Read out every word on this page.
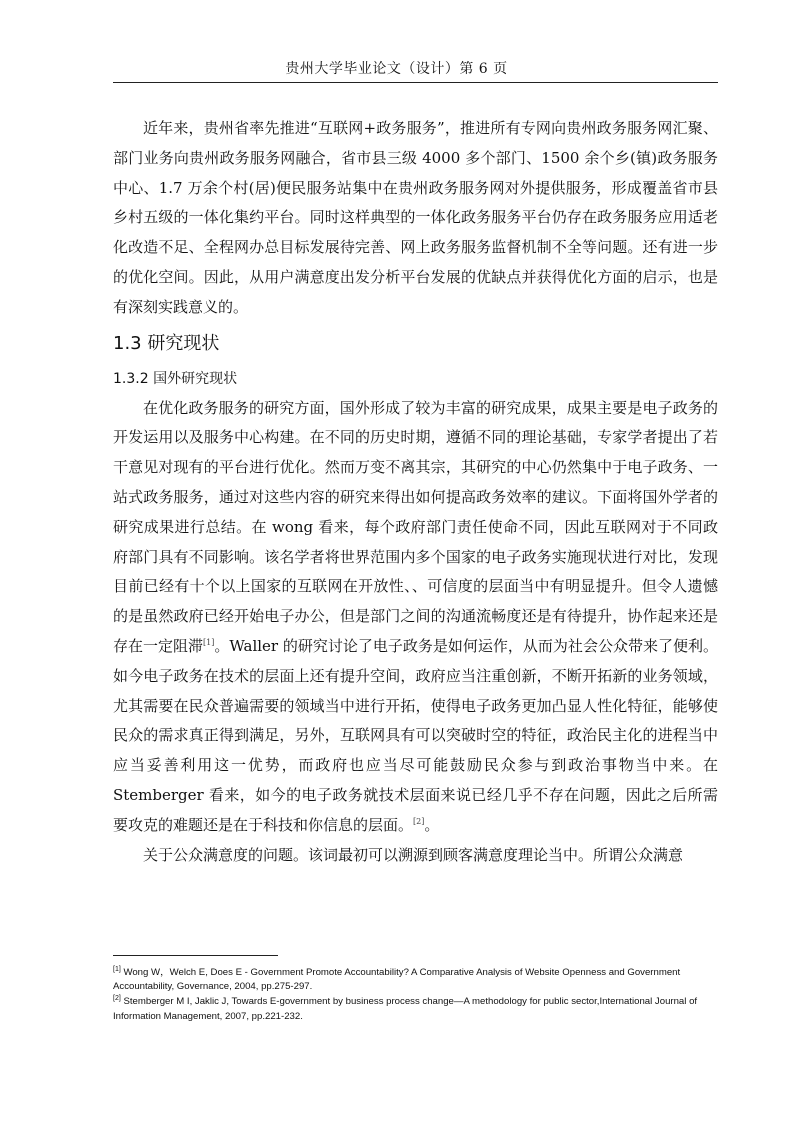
贵州大学毕业论文（设计）第 6 页

近年来，贵州省率先推进“互联网+政务服务”，推进所有专网向贵州政务服务网汇聚、部门业务向贵州政务服务网融合，省市县三级 4000 多个部门、1500 余个乡(镇)政务服务中心、1.7 万余个村(居)便民服务站集中在贵州政务服务网对外提供服务，形成覆盖省市县乡村五级的一体化集约平台。同时这样典型的一体化政务服务平台仍存在政务服务应用适老化改造不足、全程网办总目标发展待完善、网上政务服务监督机制不全等问题。还有进一步的优化空间。因此，从用户满意度出发分析平台发展的优缺点并获得优化方面的启示，也是有深刻实践意义的。

1.3 研究现状
1.3.2 国外研究现状

在优化政务服务的研究方面，国外形成了较为丰富的研究成果，成果主要是电子政务的开发运用以及服务中心构建。在不同的历史时期，遵循不同的理论基础，专家学者提出了若干意见对现有的平台进行优化。然而万变不离其宗，其研究的中心仍然集中于电子政务、一站式政务服务，通过对这些内容的研究来得出如何提高政务效率的建议。下面将国外学者的研究成果进行总结。在 wong 看来，每个政府部门责任使命不同，因此互联网对于不同政府部门具有不同影响。该名学者将世界范围内多个国家的电子政务实施现状进行对比，发现目前已经有十个以上国家的互联网在开放性、、可信度的层面当中有明显提升。但令人遗憾的是虽然政府已经开始电子办公，但是部门之间的沟通流畅度还是有待提升，协作起来还是存在一定阻滞[1]。Waller 的研究讨论了电子政务是如何运作，从而为社会公众带来了便利。如今电子政务在技术的层面上还有提升空间，政府应当注重创新，不断开拓新的业务领域，尤其需要在民众普遍需要的领域当中进行开拓，使得电子政务更加凸显人性化特征，能够使民众的需求真正得到满足，另外，互联网具有可以突破时空的特征，政治民主化的进程当中应当妥善利用这一优势，而政府也应当尽可能鼓励民众参与到政治事物当中来。在 Stemberger 看来，如今的电子政务就技术层面来说已经几乎不存在问题，因此之后所需要攻克的难题还是在于科技和你信息的层面。[2]。

关于公众满意度的问题。该词最初可以溯源到顾客满意度理论当中。所谓公众满意

[1] Wong W，Welch E, Does E - Government Promote Accountability? A Comparative Analysis of Website Openness and Government Accountability, Governance, 2004, pp.275-297.
[2] Stemberger M I, Jaklic J, Towards E-government by business process change—A methodology for public sector,International Journal of Information Management, 2007, pp.221-232.
